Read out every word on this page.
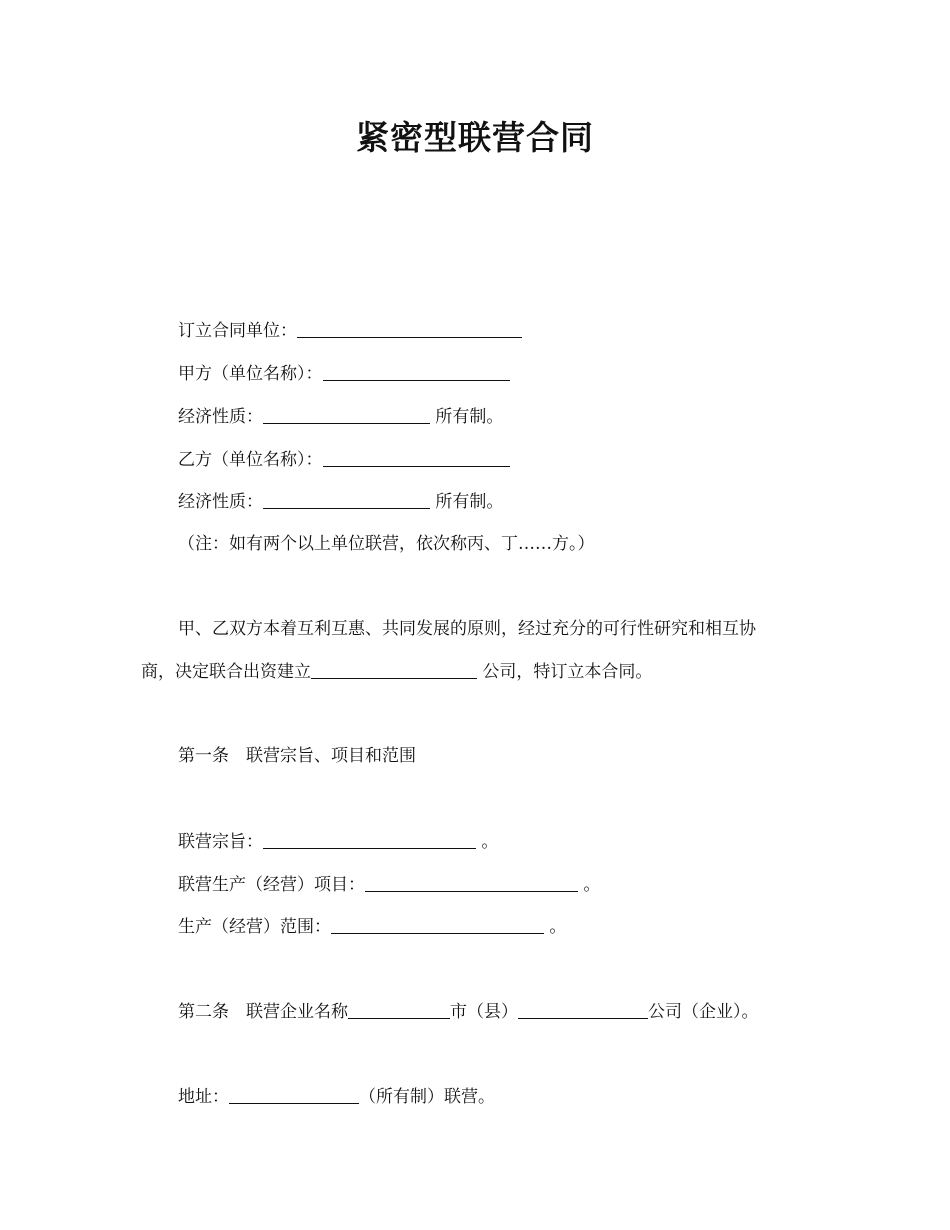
紧密型联营合同
订立合同单位：
甲方（单位名称）：
经济性质：	所有制。
乙方（单位名称）：
经济性质：	所有制。
（注：如有两个以上单位联营，依次称丙、丁……方。）
甲、乙双方本着互利互惠、共同发展的原则，经过充分的可行性研究和相互协
商，决定联合出资建立	公司，特订立本合同。
第一条　联营宗旨、项目和范围
联营宗旨：	。
联营生产（经营）项目：	。
生产（经营）范围：	。
第二条　联营企业名称	市（县）	公司（企业）。
地址：	（所有制）联营。
